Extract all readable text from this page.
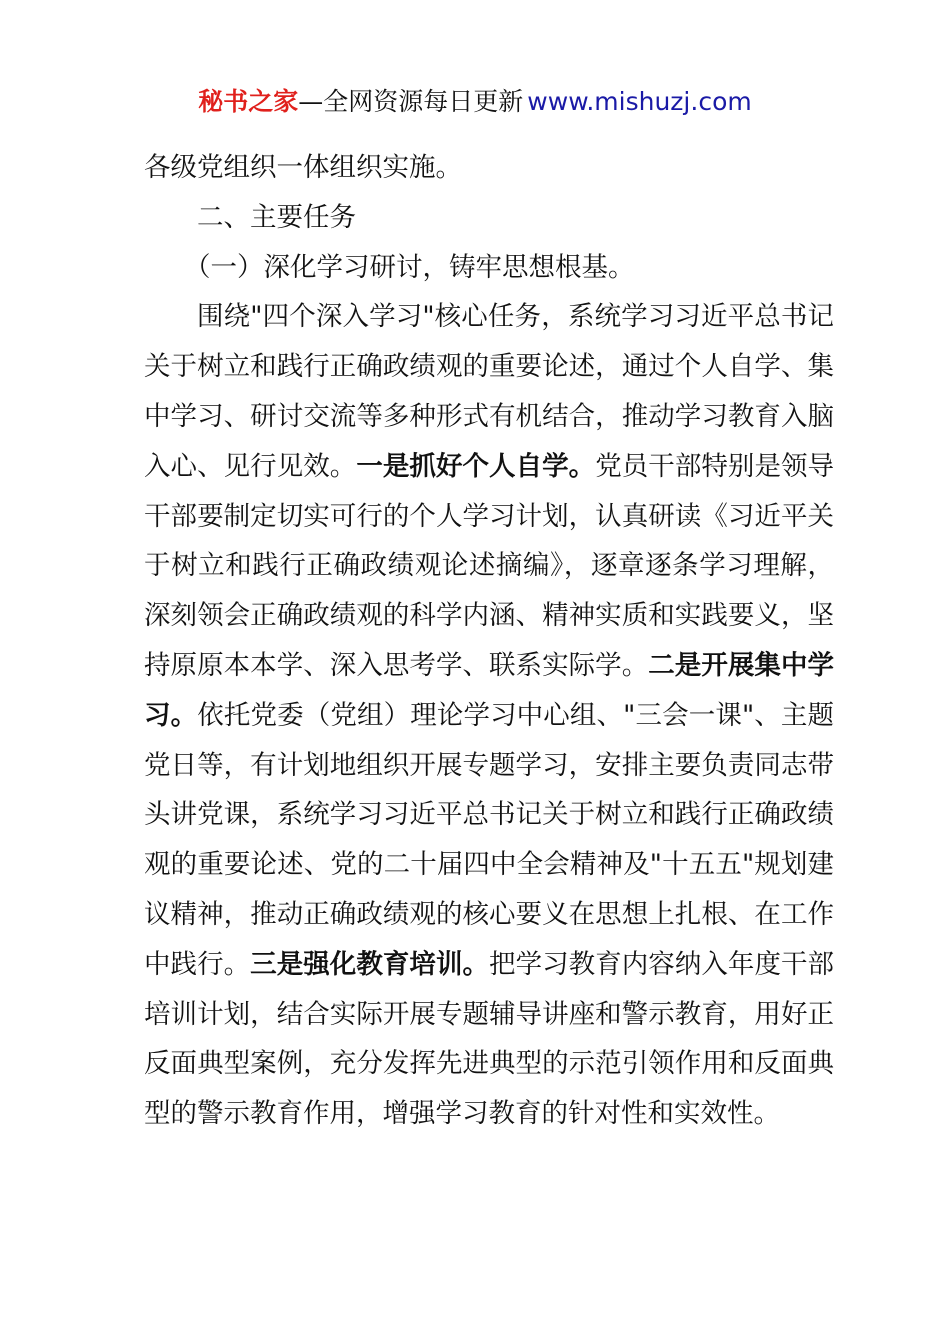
秘书之家—全网资源每日更新 www.mishuzj.com

各级党组织一体组织实施。

二、主要任务

（一）深化学习研讨，铸牢思想根基。

围绕"四个深入学习"核心任务，系统学习习近平总书记关于树立和践行正确政绩观的重要论述，通过个人自学、集中学习、研讨交流等多种形式有机结合，推动学习教育入脑入心、见行见效。一是抓好个人自学。党员干部特别是领导干部要制定切实可行的个人学习计划，认真研读《习近平关于树立和践行正确政绩观论述摘编》，逐章逐条学习理解，深刻领会正确政绩观的科学内涵、精神实质和实践要义，坚持原原本本学、深入思考学、联系实际学。二是开展集中学习。依托党委（党组）理论学习中心组、"三会一课"、主题党日等，有计划地组织开展专题学习，安排主要负责同志带头讲党课，系统学习习近平总书记关于树立和践行正确政绩观的重要论述、党的二十届四中全会精神及"十五五"规划建议精神，推动正确政绩观的核心要义在思想上扎根、在工作中践行。三是强化教育培训。把学习教育内容纳入年度干部培训计划，结合实际开展专题辅导讲座和警示教育，用好正反面典型案例，充分发挥先进典型的示范引领作用和反面典型的警示教育作用，增强学习教育的针对性和实效性。
